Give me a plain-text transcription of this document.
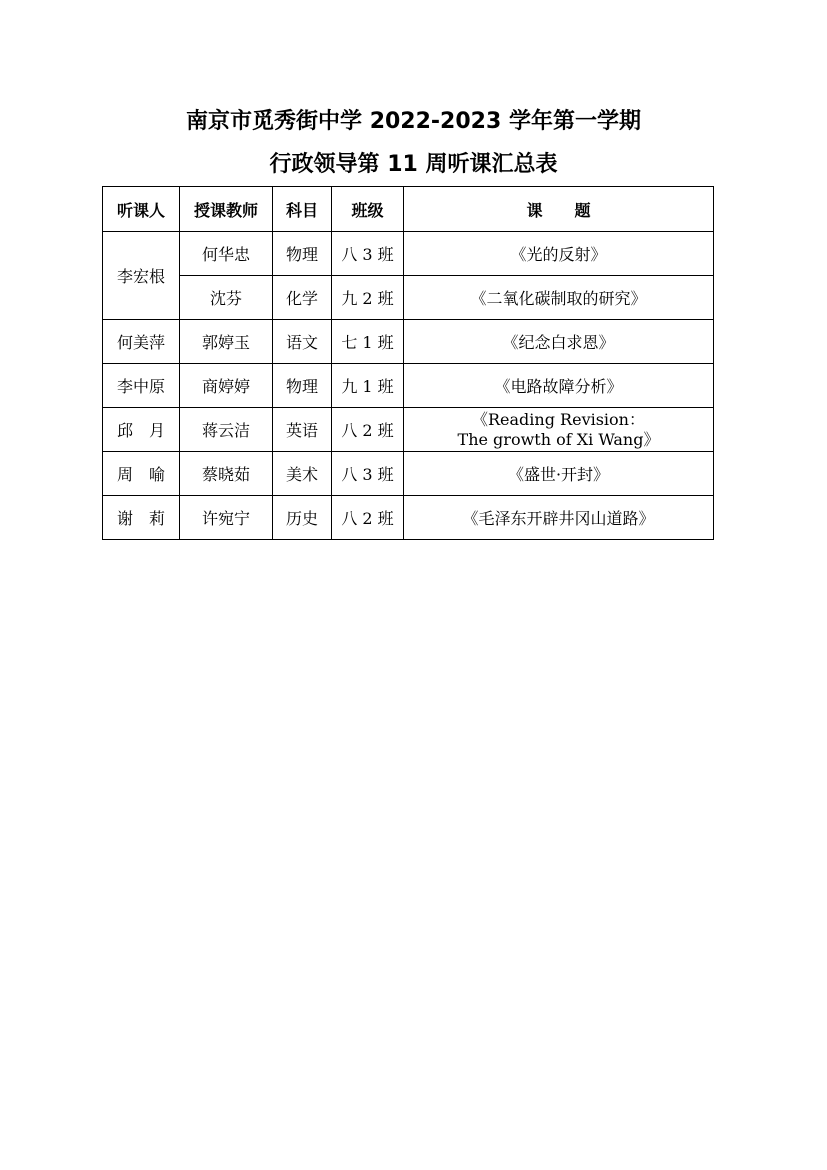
南京市觅秀街中学 2022-2023 学年第一学期
行政领导第 11 周听课汇总表
听课人	授课教师	科目	班级	课　　题
李宏根	何华忠	物理	八 3 班	《光的反射》
	沈芬	化学	九 2 班	《二氧化碳制取的研究》
何美萍	郭婷玉	语文	七 1 班	《纪念白求恩》
李中原	商婷婷	物理	九 1 班	《电路故障分析》
邱　月	蒋云洁	英语	八 2 班	《Reading Revision：
The growth of Xi Wang》

周　喻	蔡晓茹	美术	八 3 班	《盛世·开封》
谢　莉	许宛宁	历史	八 2 班	《毛泽东开辟井冈山道路》
